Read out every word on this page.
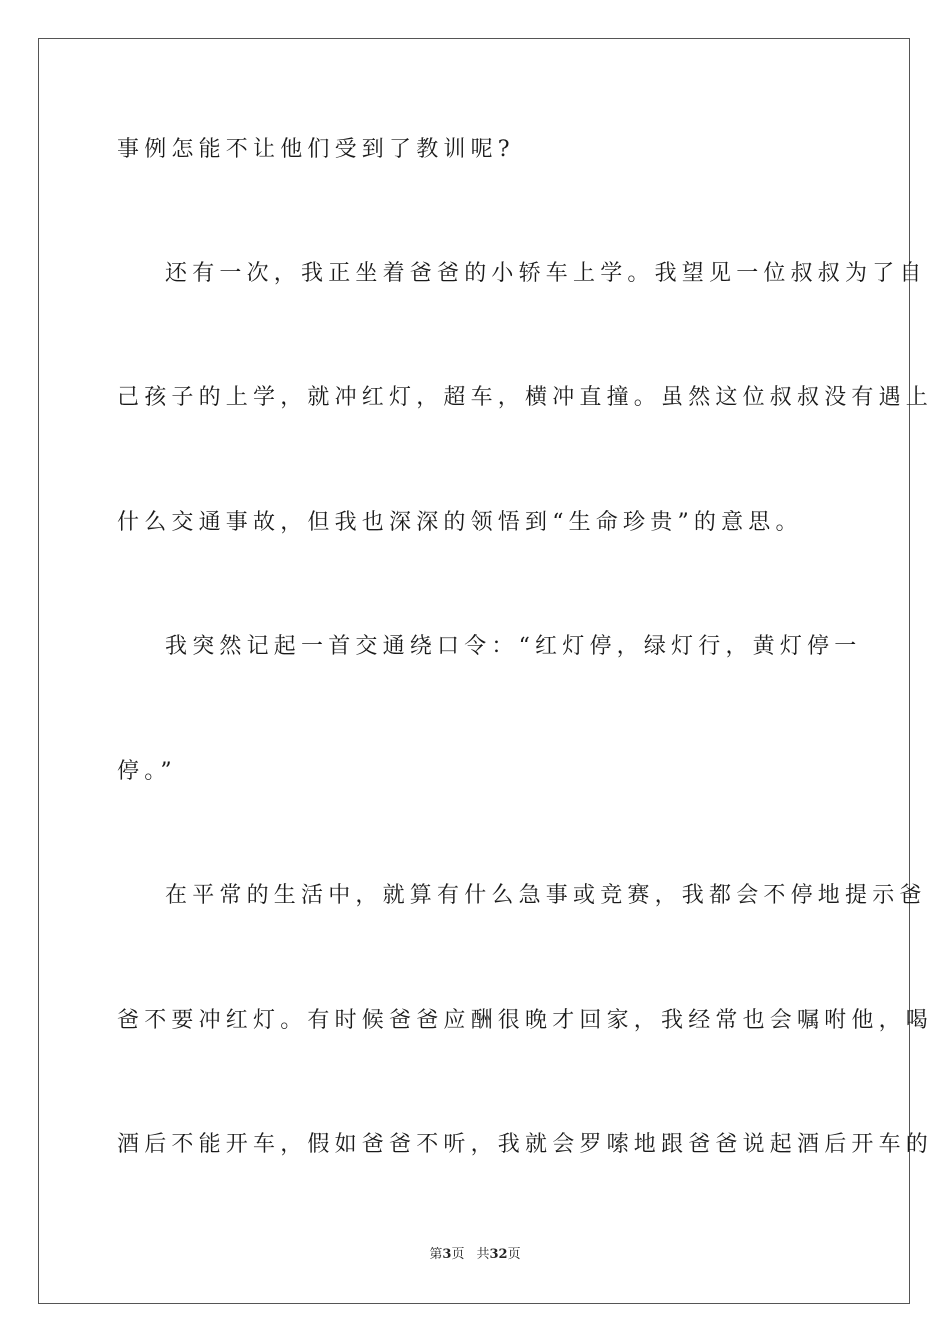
事例怎能不让他们受到了教训呢?
还有一次，我正坐着爸爸的小轿车上学。我望见一位叔叔为了自
己孩子的上学，就冲红灯，超车，横冲直撞。虽然这位叔叔没有遇上
什么交通事故，但我也深深的领悟到“生命珍贵”的意思。
我突然记起一首交通绕口令：“红灯停，绿灯行，黄灯停一
停。”
在平常的生活中，就算有什么急事或竞赛，我都会不停地提示爸
爸不要冲红灯。有时候爸爸应酬很晚才回家，我经常也会嘱咐他，喝
酒后不能开车，假如爸爸不听，我就会罗嗦地跟爸爸说起酒后开车的
第3页 共32页
